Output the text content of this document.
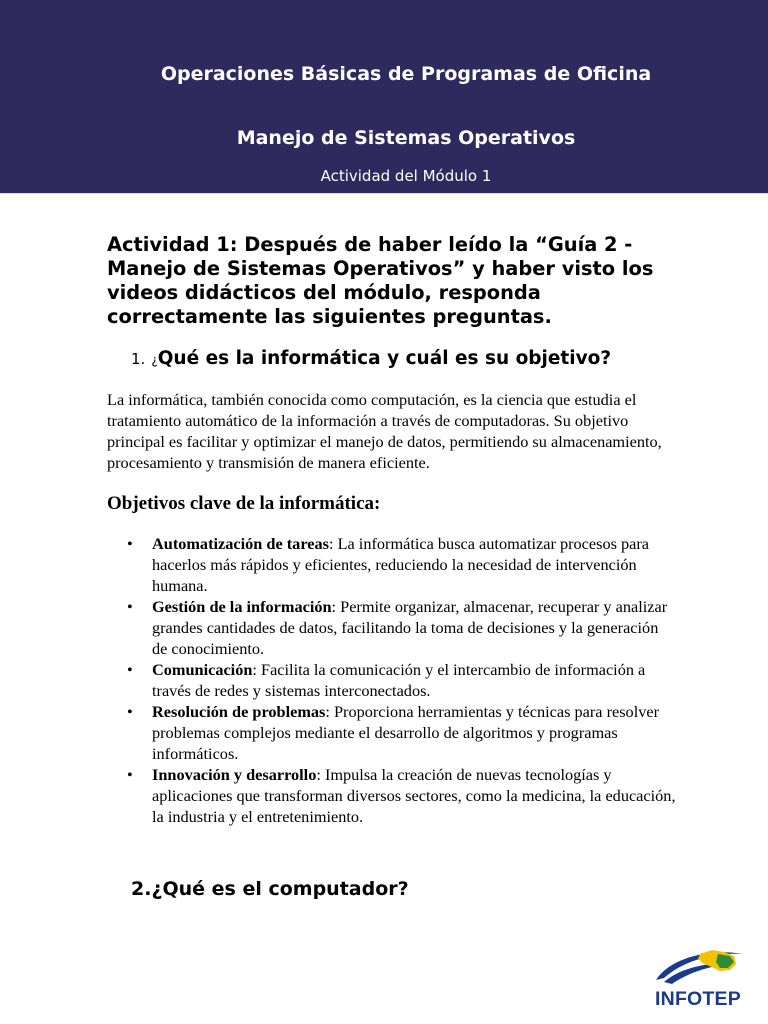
Operaciones Básicas de Programas de Oficina
Manejo de Sistemas Operativos
Actividad del Módulo 1

Actividad 1: Después de haber leído la “Guía 2 - Manejo de Sistemas Operativos” y haber visto los videos didácticos del módulo, responda correctamente las siguientes preguntas.

1. ¿Qué es la informática y cuál es su objetivo?

La informática, también conocida como computación, es la ciencia que estudia el tratamiento automático de la información a través de computadoras. Su objetivo principal es facilitar y optimizar el manejo de datos, permitiendo su almacenamiento, procesamiento y transmisión de manera eficiente.

Objetivos clave de la informática:
• Automatización de tareas: La informática busca automatizar procesos para hacerlos más rápidos y eficientes, reduciendo la necesidad de intervención humana.
• Gestión de la información: Permite organizar, almacenar, recuperar y analizar grandes cantidades de datos, facilitando la toma de decisiones y la generación de conocimiento.
• Comunicación: Facilita la comunicación y el intercambio de información a través de redes y sistemas interconectados.
• Resolución de problemas: Proporciona herramientas y técnicas para resolver problemas complejos mediante el desarrollo de algoritmos y programas informáticos.
• Innovación y desarrollo: Impulsa la creación de nuevas tecnologías y aplicaciones que transforman diversos sectores, como la medicina, la educación, la industria y el entretenimiento.
2.¿Qué es el computador?
INFOTEP
